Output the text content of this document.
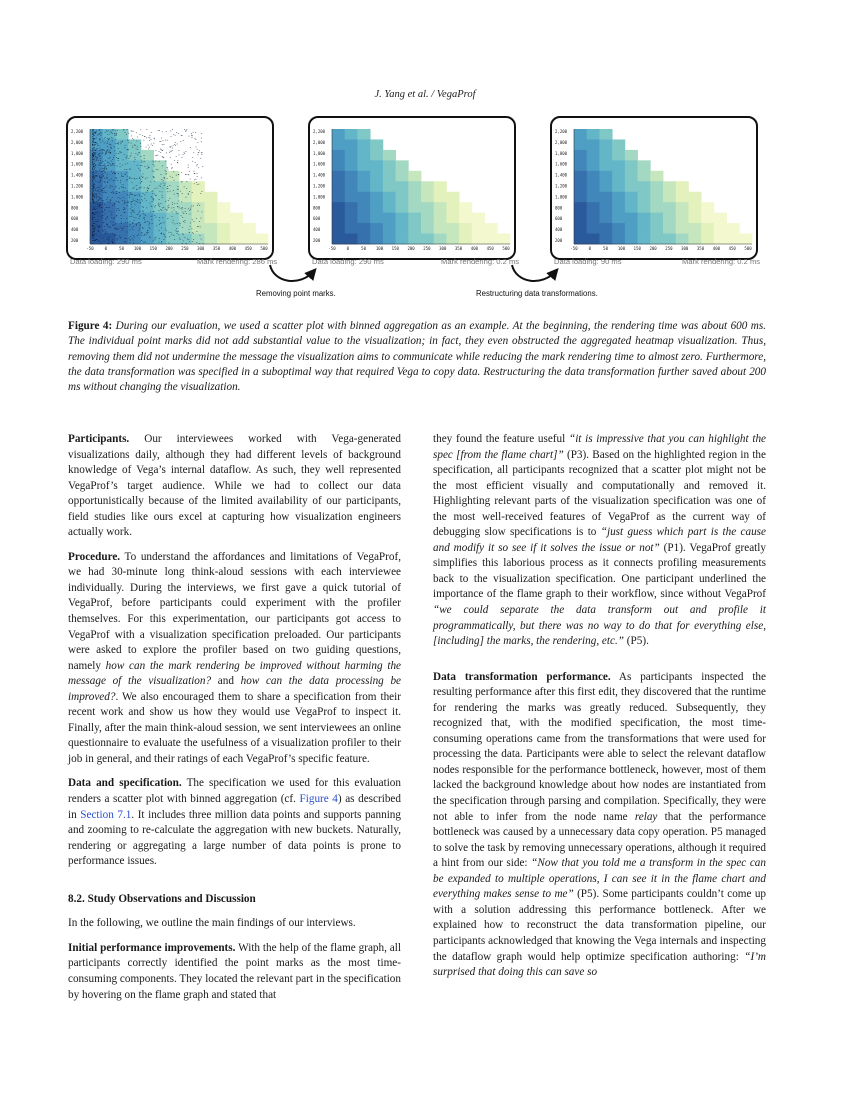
J. Yang et al. / VegaProf
2,200
2,000
1,800
1,600
1,400
1,200
1,000
800
600
400
200
-50	0	50 100 150 200 250 300 350 400 450 500
2,200
2,000
1,800
1,600
1,400
1,200
1,000
800
600
400
200
-50	0	50 100 150 200 250 300 350 400 450 500
2,200
2,000
1,800
1,600
1,400
1,200
1,000
800
600
400
200
-50	0	50 100 150 200 250 300 350 400 450 500
Data loading: 290 ms	Mark rendering: 286 ms	Data loading: 290 ms	Mark rendering: 0.2 ms	Data loading: 90 ms	Mark rendering: 0.2 ms
Removing point marks.	Restructuring data transformations.
Figure 4: During our evaluation, we used a scatter plot with binned aggregation as an example. At the beginning, the rendering time was about 600 ms. The individual point marks did not add substantial value to the visualization; in fact, they even obstructed the aggregated heatmap visualization. Thus, removing them did not undermine the message the visualization aims to communicate while reducing the mark rendering time to almost zero. Furthermore, the data transformation was specified in a suboptimal way that required Vega to copy data. Restructuring the data transformation further saved about 200 ms without changing the visualization.

Participants. Our interviewees worked with Vega-generated visualizations daily, although they had different levels of background knowledge of Vega’s internal dataflow. As such, they well represented VegaProf’s target audience. While we had to collect our data opportunistically because of the limited availability of our participants, field studies like ours excel at capturing how visualization engineers actually work.

Procedure. To understand the affordances and limitations of VegaProf, we had 30-minute long think-aloud sessions with each interviewee individually. During the interviews, we first gave a quick tutorial of VegaProf, before participants could experiment with the profiler themselves. For this experimentation, our participants got access to VegaProf with a visualization specification preloaded. Our participants were asked to explore the profiler based on two guiding questions, namely how can the mark rendering be improved without harming the message of the visualization? and how can the data processing be improved?. We also encouraged them to share a specification from their recent work and show us how they would use VegaProf to inspect it. Finally, after the main think-aloud session, we sent interviewees an online questionnaire to evaluate the usefulness of a visualization profiler to their job in general, and their ratings of each VegaProf’s specific feature.

Data and specification. The specification we used for this evaluation renders a scatter plot with binned aggregation (cf. Figure 4) as described in Section 7.1. It includes three million data points and supports panning and zooming to re-calculate the aggregation with new buckets. Naturally, rendering or aggregating a large number of data points is prone to performance issues.

8.2. Study Observations and Discussion

In the following, we outline the main findings of our interviews.

Initial performance improvements. With the help of the flame graph, all participants correctly identified the point marks as the most time-consuming components. They located the relevant part in the specification by hovering on the flame graph and stated that

they found the feature useful “it is impressive that you can highlight the spec [from the flame chart]” (P3). Based on the highlighted region in the specification, all participants recognized that a scatter plot might not be the most efficient visually and computationally and removed it. Highlighting relevant parts of the visualization specification was one of the most well-received features of VegaProf as the current way of debugging slow specifications is to “just guess which part is the cause and modify it so see if it solves the issue or not” (P1). VegaProf greatly simplifies this laborious process as it connects profiling measurements back to the visualization specification. One participant underlined the importance of the flame graph to their workflow, since without VegaProf “we could separate the data transform out and profile it programmatically, but there was no way to do that for everything else, [including] the marks, the rendering, etc.” (P5).

Data transformation performance. As participants inspected the resulting performance after this first edit, they discovered that the runtime for rendering the marks was greatly reduced. Subsequently, they recognized that, with the modified specification, the most time-consuming operations came from the transformations that were used for processing the data. Participants were able to select the relevant dataflow nodes responsible for the performance bottleneck, however, most of them lacked the background knowledge about how nodes are instantiated from the specification through parsing and compilation. Specifically, they were not able to infer from the node name relay that the performance bottleneck was caused by a unnecessary data copy operation. P5 managed to solve the task by removing unnecessary operations, although it required a hint from our side: “Now that you told me a transform in the spec can be expanded to multiple operations, I can see it in the flame chart and everything makes sense to me” (P5). Some participants couldn’t come up with a solution addressing this performance bottleneck. After we explained how to reconstruct the data transformation pipeline, our participants acknowledged that knowing the Vega internals and inspecting the dataflow graph would help optimize specification authoring: “I’m surprised that doing this can save so
